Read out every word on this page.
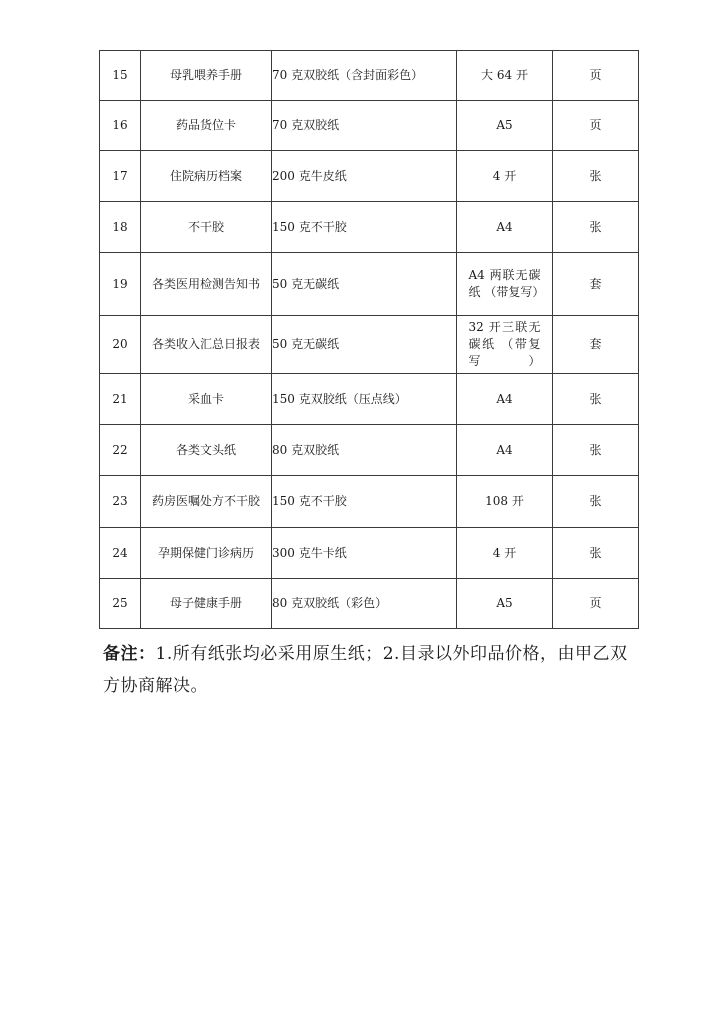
15	母乳喂养手册	70 克双胶纸（含封面彩色）	大 64 开	页
16	药品货位卡	70 克双胶纸	A5	页
17	住院病历档案	200 克牛皮纸	4 开	张
18	不干胶	150 克不干胶	A4	张
19	各类医用检测告知书	50 克无碳纸	A4 两联无碳纸 （带复写）	套
20	各类收入汇总日报表	50 克无碳纸	32 开三联无碳纸 （带复写）	套
21	采血卡	150 克双胶纸（压点线）	A4	张
22	各类文头纸	80 克双胶纸	A4	张
23	药房医嘱处方不干胶	150 克不干胶	108 开	张
24	孕期保健门诊病历	300 克牛卡纸	4 开	张
25	母子健康手册	80 克双胶纸（彩色）	A5	页
备注：1.所有纸张均必采用原生纸；2.目录以外印品价格，由甲乙双方协商解决。
